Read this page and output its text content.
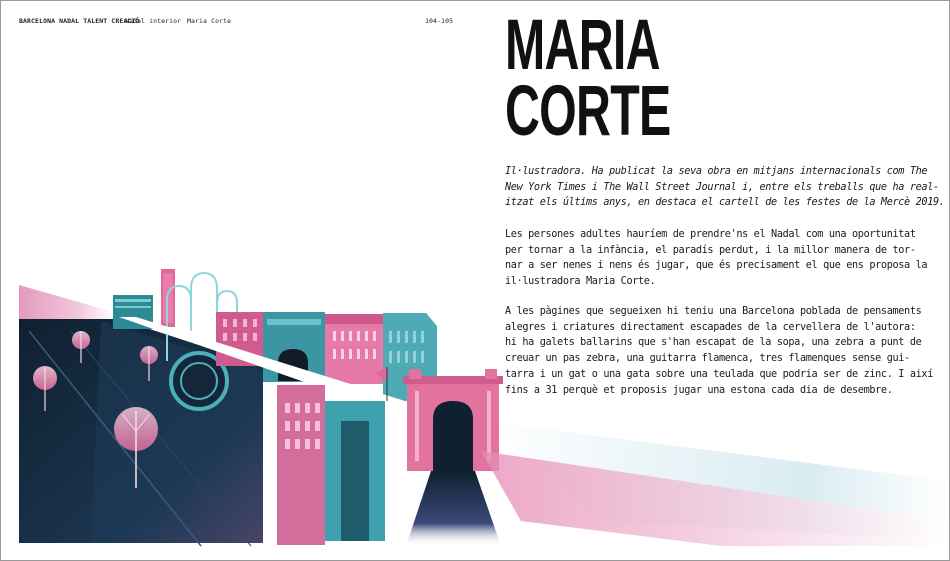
BARCELONA NADAL TALENT CREACIÓ
Nadal interior Maria Corte	104-105 MARIA
CORTE

Il·lustradora. Ha publicat la seva obra en mitjans internacionals com The
New York Times i The Wall Street Journal i, entre els treballs que ha real-
itzat els últims anys, en destaca el cartell de les festes de la Mercè 2019.

Les persones adultes hauríem de prendre'ns el Nadal com una oportunitat
per tornar a la infància, el paradís perdut, i la millor manera de tor-
nar a ser nenes i nens és jugar, que és precisament el que ens proposa la
il·lustradora Maria Corte.

A les pàgines que segueixen hi teniu una Barcelona poblada de pensaments
alegres i criatures directament escapades de la cervellera de l'autora:
hi ha galets ballarins que s'han escapat de la sopa, una zebra a punt de
creuar un pas zebra, una guitarra flamenca, tres flamenques sense gui-
tarra i un gat o una gata sobre una teulada que podria ser de zinc. I així
fins a 31 perquè et proposis jugar una estona cada dia de desembre.
